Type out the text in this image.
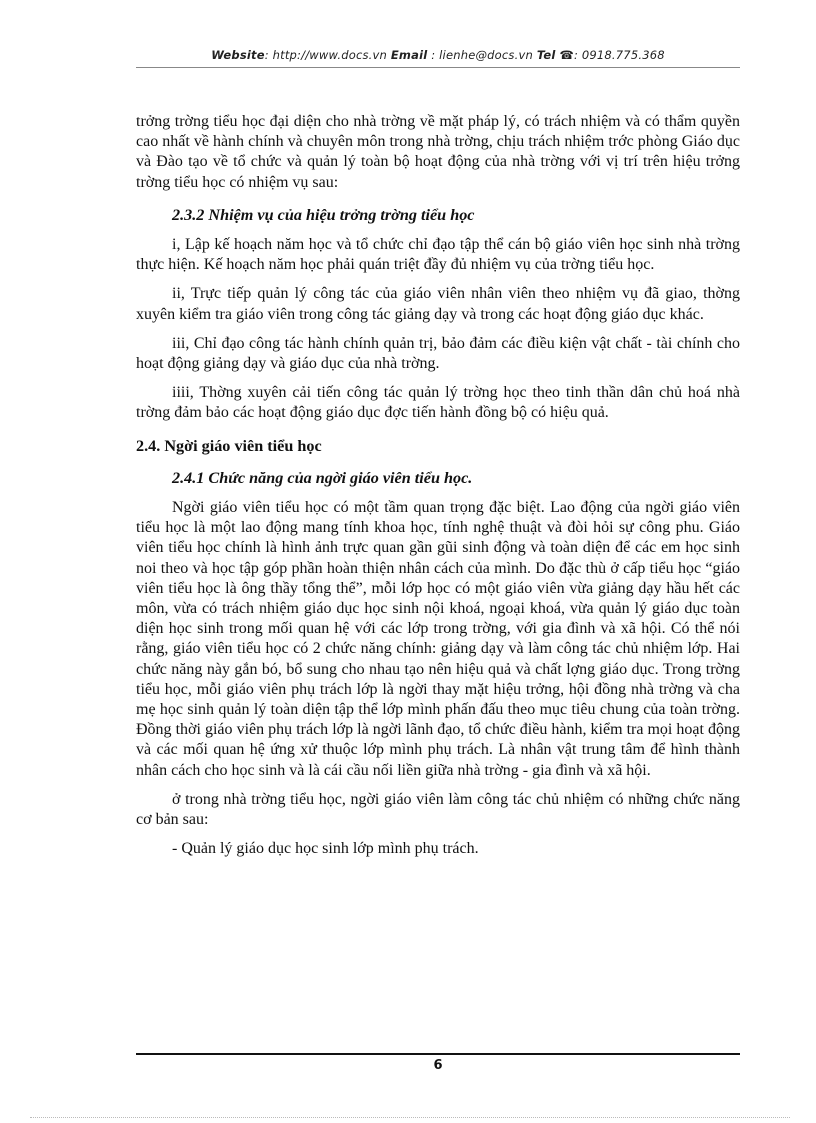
Website: http://www.docs.vn Email : lienhe@docs.vn Tel ☎: 0918.775.368

trởng trờng tiểu học đại diện cho nhà trờng về mặt pháp lý, có trách nhiệm và có thẩm quyền cao nhất về hành chính và chuyên môn trong nhà trờng, chịu trách nhiệm trớc phòng Giáo dục và Đào tạo về tổ chức và quản lý toàn bộ hoạt động của nhà trờng với vị trí trên hiệu trởng trờng tiểu học có nhiệm vụ sau:

2.3.2 Nhiệm vụ của hiệu trởng trờng tiểu học

i, Lập kế hoạch năm học và tổ chức chỉ đạo tập thể cán bộ giáo viên học sinh nhà trờng thực hiện. Kế hoạch năm học phải quán triệt đầy đủ nhiệm vụ của trờng tiểu học.

ii, Trực tiếp quản lý công tác của giáo viên nhân viên theo nhiệm vụ đã giao, thờng xuyên kiểm tra giáo viên trong công tác giảng dạy và trong các hoạt động giáo dục khác.

iii, Chỉ đạo công tác hành chính quản trị, bảo đảm các điều kiện vật chất - tài chính cho hoạt động giảng dạy và giáo dục của nhà trờng.

iiii, Thờng xuyên cải tiến công tác quản lý trờng học theo tinh thần dân chủ hoá nhà trờng đảm bảo các hoạt động giáo dục đợc tiến hành đồng bộ có hiệu quả.

2.4. Ngời giáo viên tiểu học

2.4.1 Chức năng của ngời giáo viên tiểu học.

Ngời giáo viên tiểu học có một tầm quan trọng đặc biệt. Lao động của ngời giáo viên tiểu học là một lao động mang tính khoa học, tính nghệ thuật và đòi hỏi sự công phu. Giáo viên tiểu học chính là hình ảnh trực quan gần gũi sinh động và toàn diện để các em học sinh noi theo và học tập góp phần hoàn thiện nhân cách của mình. Do đặc thù ở cấp tiểu học “giáo viên tiểu học là ông thầy tổng thể”, mỗi lớp học có một giáo viên vừa giảng dạy hầu hết các môn, vừa có trách nhiệm giáo dục học sinh nội khoá, ngoại khoá, vừa quản lý giáo dục toàn diện học sinh trong mối quan hệ với các lớp trong trờng, với gia đình và xã hội. Có thể nói rằng, giáo viên tiểu học có 2 chức năng chính: giảng dạy và làm công tác chủ nhiệm lớp. Hai chức năng này gắn bó, bổ sung cho nhau tạo nên hiệu quả và chất lợng giáo dục. Trong trờng tiểu học, mỗi giáo viên phụ trách lớp là ngời thay mặt hiệu trởng, hội đồng nhà trờng và cha mẹ học sinh quản lý toàn diện tập thể lớp mình phấn đấu theo mục tiêu chung của toàn trờng. Đồng thời giáo viên phụ trách lớp là ngời lãnh đạo, tổ chức điều hành, kiểm tra mọi hoạt động và các mối quan hệ ứng xử thuộc lớp mình phụ trách. Là nhân vật trung tâm để hình thành nhân cách cho học sinh và là cái cầu nối liền giữa nhà trờng - gia đình và xã hội.

ở trong nhà trờng tiểu học, ngời giáo viên làm công tác chủ nhiệm có những chức năng cơ bản sau:

- Quản lý giáo dục học sinh lớp mình phụ trách.

6
